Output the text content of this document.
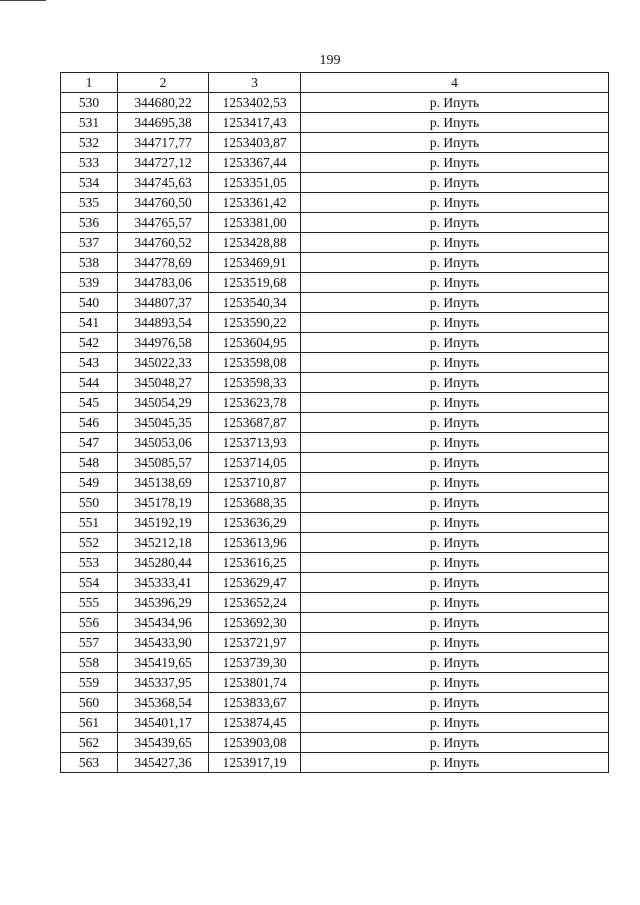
199
1	2	3	4
530	344680,22	1253402,53	р. Ипуть
531	344695,38	1253417,43	р. Ипуть
532	344717,77	1253403,87	р. Ипуть
533	344727,12	1253367,44	р. Ипуть
534	344745,63	1253351,05	р. Ипуть
535	344760,50	1253361,42	р. Ипуть
536	344765,57	1253381,00	р. Ипуть
537	344760,52	1253428,88	р. Ипуть
538	344778,69	1253469,91	р. Ипуть
539	344783,06	1253519,68	р. Ипуть
540	344807,37	1253540,34	р. Ипуть
541	344893,54	1253590,22	р. Ипуть
542	344976,58	1253604,95	р. Ипуть
543	345022,33	1253598,08	р. Ипуть
544	345048,27	1253598,33	р. Ипуть
545	345054,29	1253623,78	р. Ипуть
546	345045,35	1253687,87	р. Ипуть
547	345053,06	1253713,93	р. Ипуть
548	345085,57	1253714,05	р. Ипуть
549	345138,69	1253710,87	р. Ипуть
550	345178,19	1253688,35	р. Ипуть
551	345192,19	1253636,29	р. Ипуть
552	345212,18	1253613,96	р. Ипуть
553	345280,44	1253616,25	р. Ипуть
554	345333,41	1253629,47	р. Ипуть
555	345396,29	1253652,24	р. Ипуть
556	345434,96	1253692,30	р. Ипуть
557	345433,90	1253721,97	р. Ипуть
558	345419,65	1253739,30	р. Ипуть
559	345337,95	1253801,74	р. Ипуть
560	345368,54	1253833,67	р. Ипуть
561	345401,17	1253874,45	р. Ипуть
562	345439,65	1253903,08	р. Ипуть
563	345427,36	1253917,19	р. Ипуть
